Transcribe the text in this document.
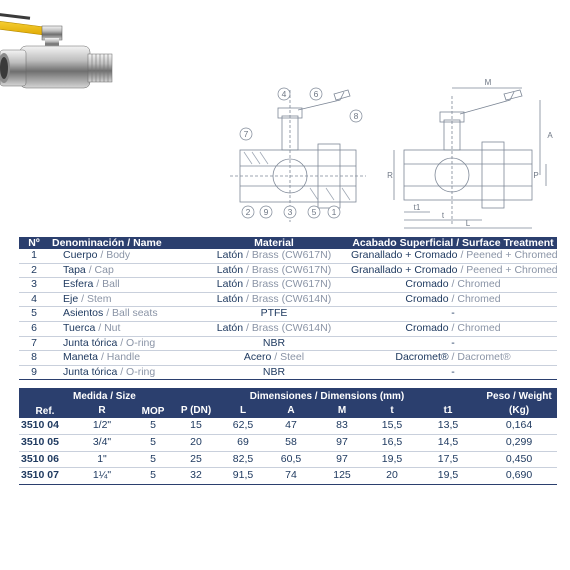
4	6
8
7
2 9 3 5 1
M
A
R	P
t1
t
L
Nº	Denominación / Name	Material	Acabado Superficial / Surface Treatment
1	Cuerpo / Body	Latón / Brass (CW617N)	Granallado + Cromado / Peened + Chromed
2	Tapa / Cap	Latón / Brass (CW617N)	Granallado + Cromado / Peened + Chromed
3	Esfera / Ball	Latón / Brass (CW617N)	Cromado / Chromed
4	Eje / Stem	Latón / Brass (CW614N)	Cromado / Chromed
5	Asientos / Ball seats	PTFE	-
6	Tuerca / Nut	Latón / Brass (CW614N)	Cromado / Chromed
7	Junta tórica / O-ring	NBR	-
8	Maneta / Handle	Acero / Steel	Dacromet® / Dacromet®
9	Junta tórica / O-ring	NBR	-
Ref.	Medida / Size	MOP	Dimensiones / Dimensions (mm)						Peso / Weight
	R		P (DN)	L	A	M	t	t1	(Kg)
3510 04	1/2"	5	15	62,5	47	83	15,5	13,5	0,164
3510 05	3/4"	5	20	69	58	97	16,5	14,5	0,299
3510 06	1"	5	25	82,5	60,5	97	19,5	17,5	0,450
3510 07	1¼"	5	32	91,5	74	125	20	19,5	0,690
